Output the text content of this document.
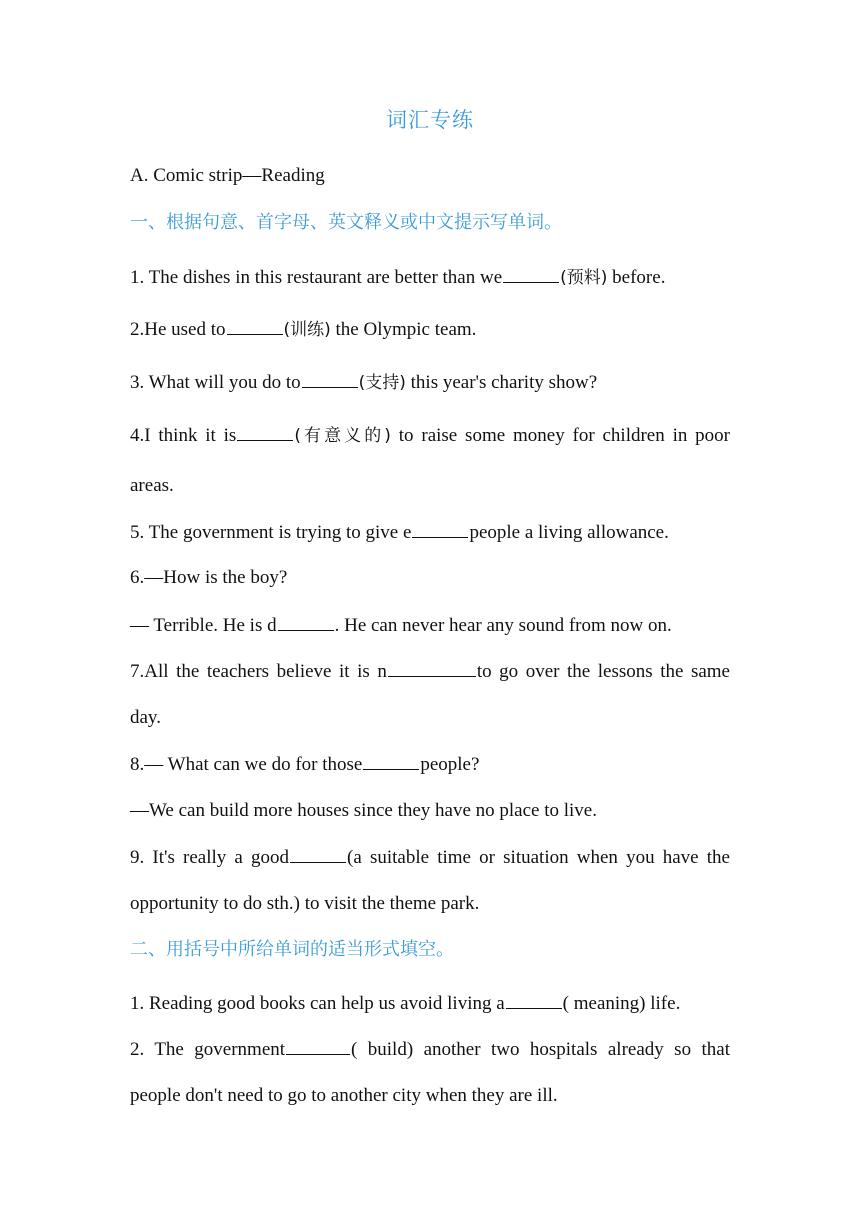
词汇专练
A. Comic strip—Reading
一、根据句意、首字母、英文释义或中文提示写单词。
1. The dishes in this restaurant are better than we	(预料) before.
2.He used to	(训练) the Olympic team.
3. What will you do to	(支持) this year's charity show?
4.I think it is	(有意义的) to raise some money for children in poor
areas.
5. The government is trying to give e	people a living allowance.
6.—How is the boy?
— Terrible. He is d	. He can never hear any sound from now on.
7.All the teachers believe it is n	to go over the lessons the same
day.
8.— What can we do for those	people?
—We can build more houses since they have no place to live.
9. It's really a good	(a suitable time or situation when you have the
opportunity to do sth.) to visit the theme park.
二、用括号中所给单词的适当形式填空。
1. Reading good books can help us avoid living a	( meaning) life.
2. The government	( build) another two hospitals already so that
people don't need to go to another city when they are ill.
